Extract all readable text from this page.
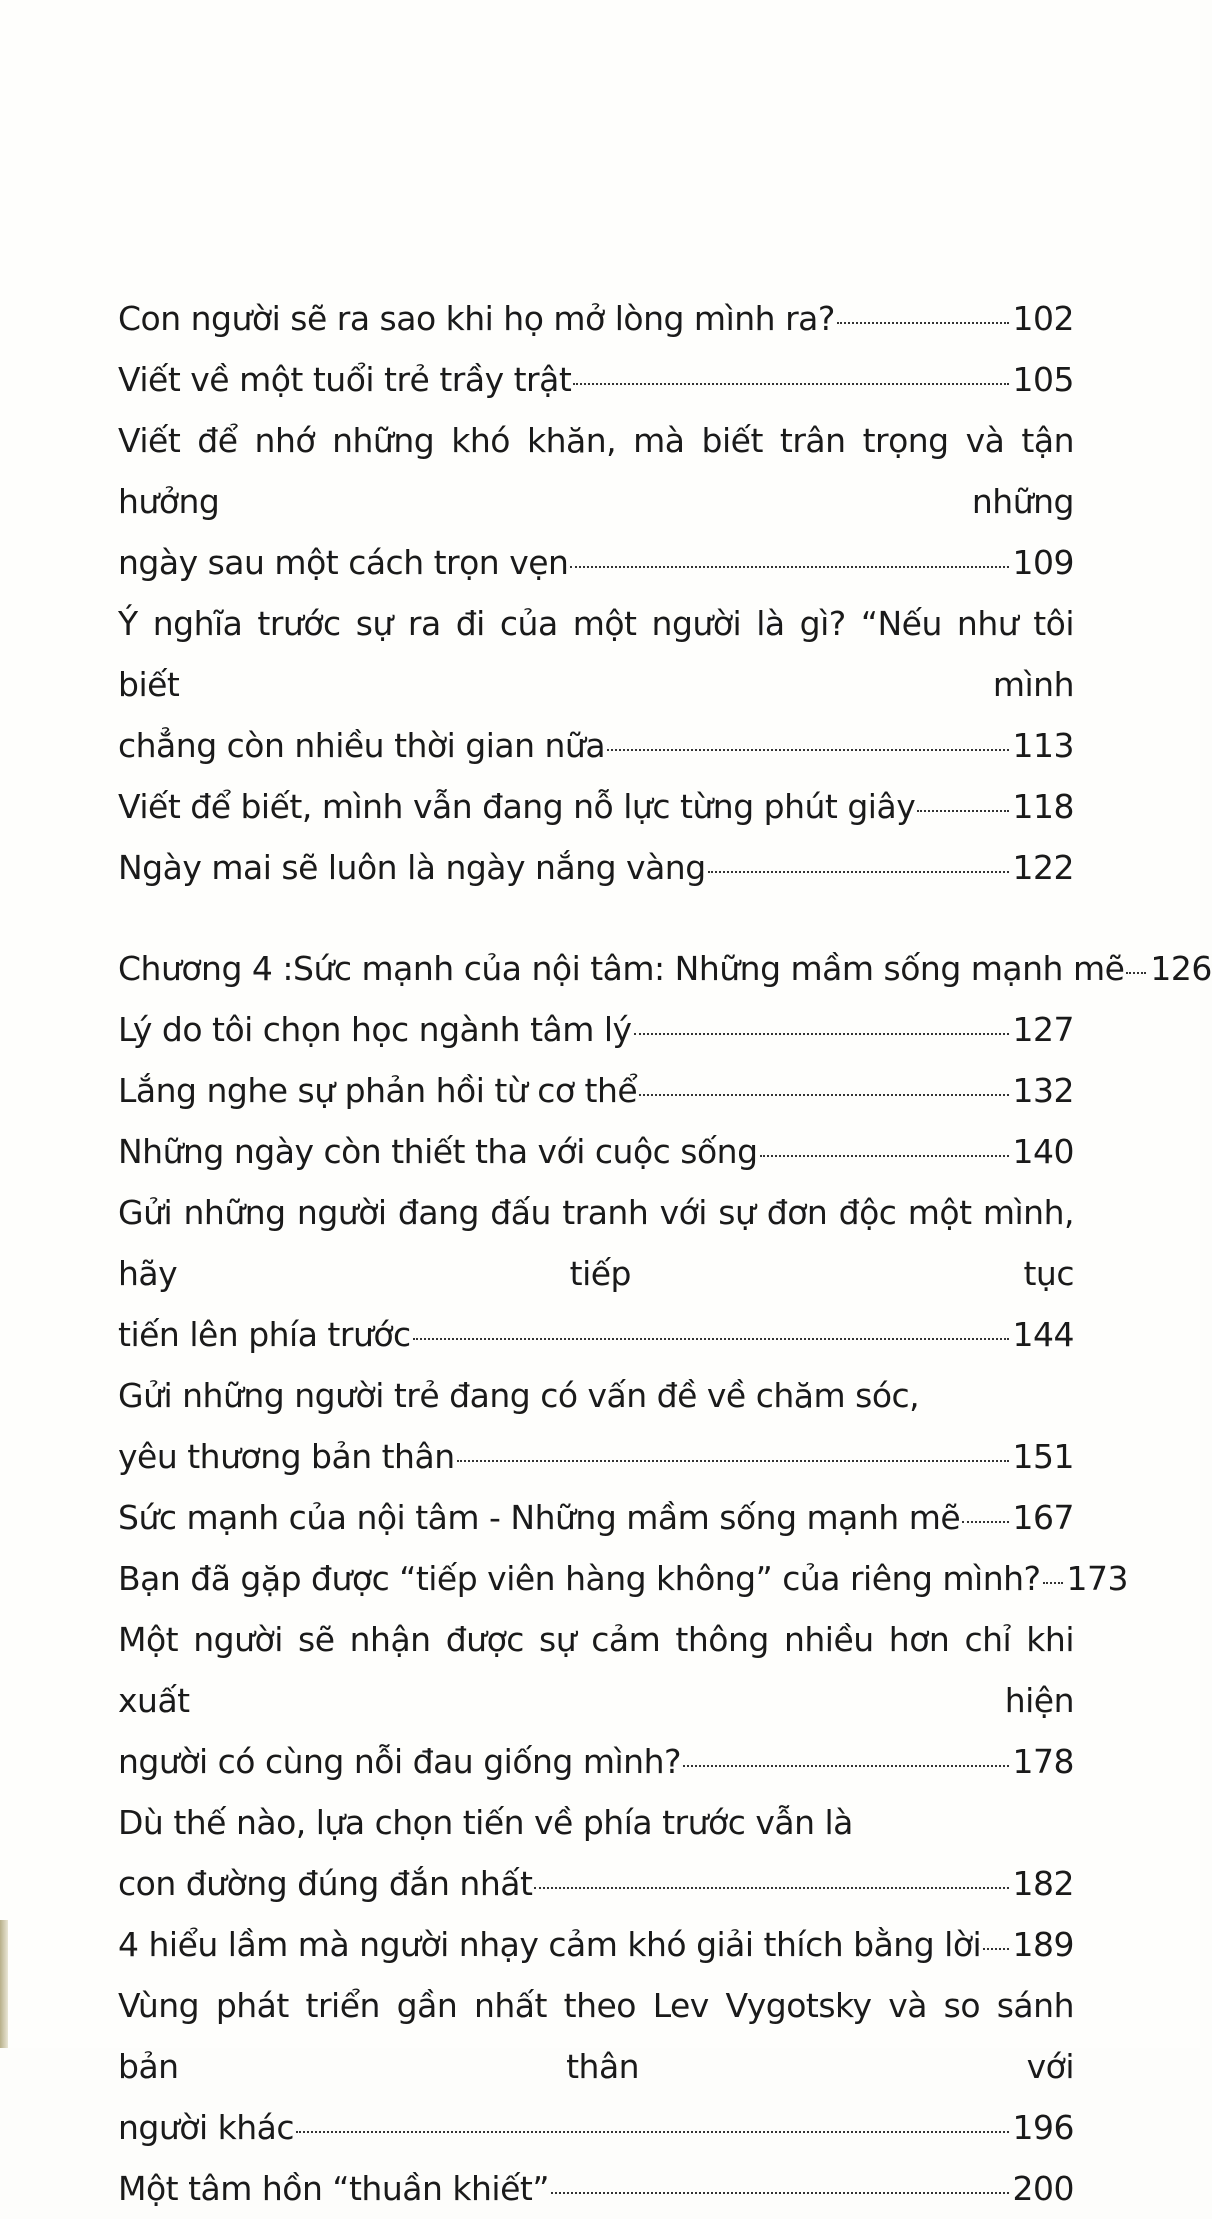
Con người sẽ ra sao khi họ mở lòng mình ra?	102
Viết về một tuổi trẻ trầy trật	105
Viết để nhớ những khó khăn, mà biết trân trọng và tận hưởng những
ngày sau một cách trọn vẹn	109
Ý nghĩa trước sự ra đi của một người là gì? “Nếu như tôi biết mình
chẳng còn nhiều thời gian nữa	113
Viết để biết, mình vẫn đang nỗ lực từng phút giây	118
Ngày mai sẽ luôn là ngày nắng vàng	122
Chương 4 :Sức mạnh của nội tâm: Những mầm sống mạnh mẽ 126
Lý do tôi chọn học ngành tâm lý	127
Lắng nghe sự phản hồi từ cơ thể	132
Những ngày còn thiết tha với cuộc sống	140
Gửi những người đang đấu tranh với sự đơn độc một mình, hãy tiếp tục
tiến lên phía trước	144
Gửi những người trẻ đang có vấn đề về chăm sóc,
yêu thương bản thân	151
Sức mạnh của nội tâm - Những mầm sống mạnh mẽ 167
Bạn đã gặp được “tiếp viên hàng không” của riêng mình? 173
Một người sẽ nhận được sự cảm thông nhiều hơn chỉ khi xuất hiện
người có cùng nỗi đau giống mình?	178
Dù thế nào, lựa chọn tiến về phía trước vẫn là
con đường đúng đắn nhất	182
4 hiểu lầm mà người nhạy cảm khó giải thích bằng lời 189
Vùng phát triển gần nhất theo Lev Vygotsky và so sánh bản thân với
người khác	196
Một tâm hồn “thuần khiết”	200
